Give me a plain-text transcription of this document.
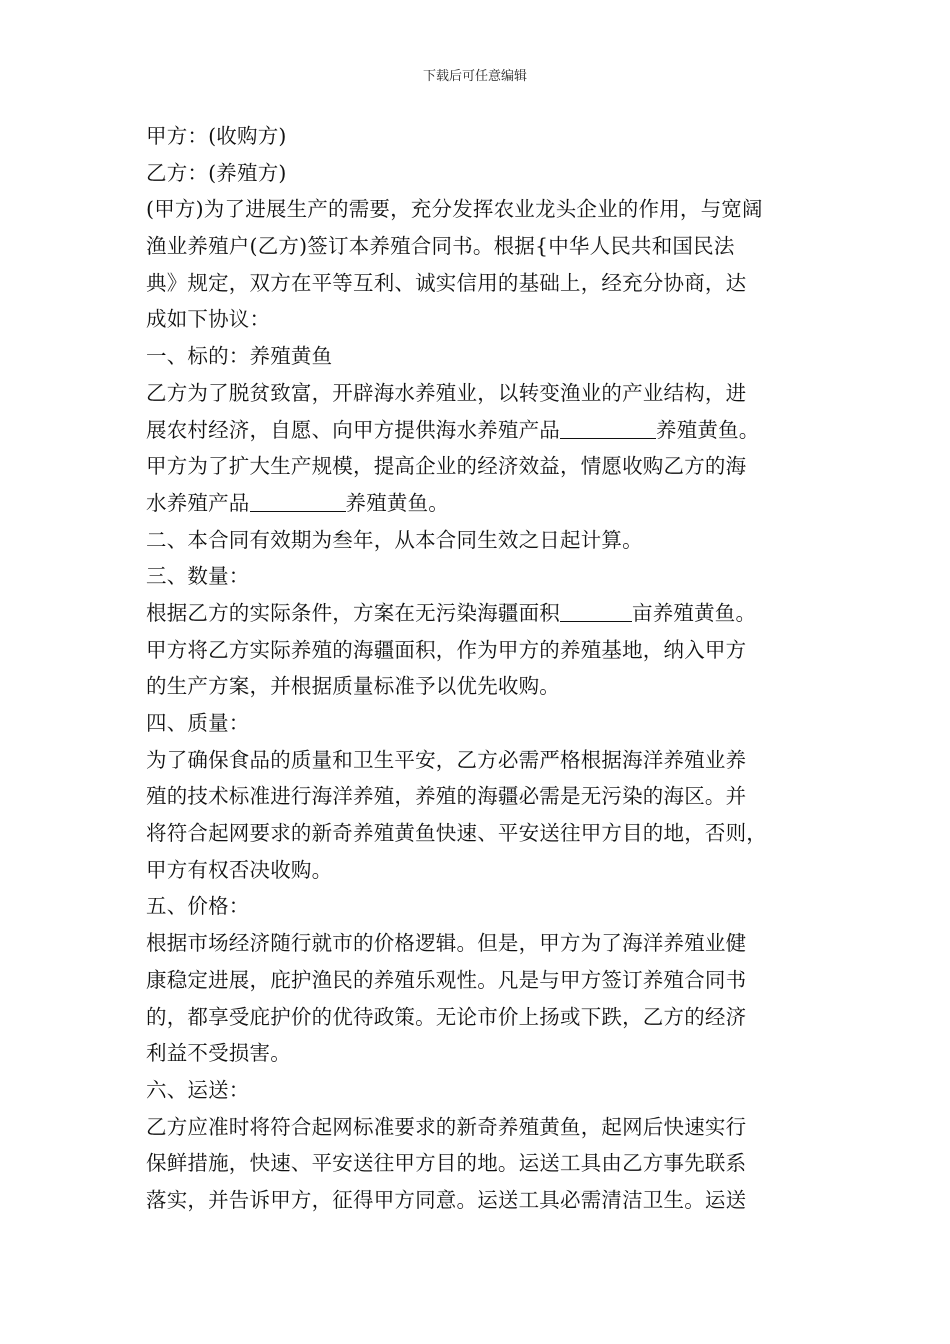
下载后可任意编辑
甲方：(收购方)
乙方：(养殖方)
(甲方)为了进展生产的需要，充分发挥农业龙头企业的作用，与宽阔
渔业养殖户(乙方)签订本养殖合同书。根据{中华人民共和国民法
典》规定，双方在平等互利、诚实信用的基础上，经充分协商，达
成如下协议：
一、标的：养殖黄鱼
乙方为了脱贫致富，开辟海水养殖业，以转变渔业的产业结构，进
展农村经济，自愿、向甲方提供海水养殖产品	养殖黄鱼。
甲方为了扩大生产规模，提高企业的经济效益，情愿收购乙方的海
水养殖产品	养殖黄鱼。
二、本合同有效期为叁年，从本合同生效之日起计算。
三、数量：
根据乙方的实际条件，方案在无污染海疆面积	亩养殖黄鱼。
甲方将乙方实际养殖的海疆面积，作为甲方的养殖基地，纳入甲方
的生产方案，并根据质量标准予以优先收购。
四、质量：
为了确保食品的质量和卫生平安，乙方必需严格根据海洋养殖业养
殖的技术标准进行海洋养殖，养殖的海疆必需是无污染的海区。并
将符合起网要求的新奇养殖黄鱼快速、平安送往甲方目的地，否则，
甲方有权否决收购。
五、价格：
根据市场经济随行就市的价格逻辑。但是，甲方为了海洋养殖业健
康稳定进展，庇护渔民的养殖乐观性。凡是与甲方签订养殖合同书
的，都享受庇护价的优待政策。无论市价上扬或下跌，乙方的经济
利益不受损害。
六、运送：
乙方应准时将符合起网标准要求的新奇养殖黄鱼，起网后快速实行
保鲜措施，快速、平安送往甲方目的地。运送工具由乙方事先联系
落实，并告诉甲方，征得甲方同意。运送工具必需清洁卫生。运送
